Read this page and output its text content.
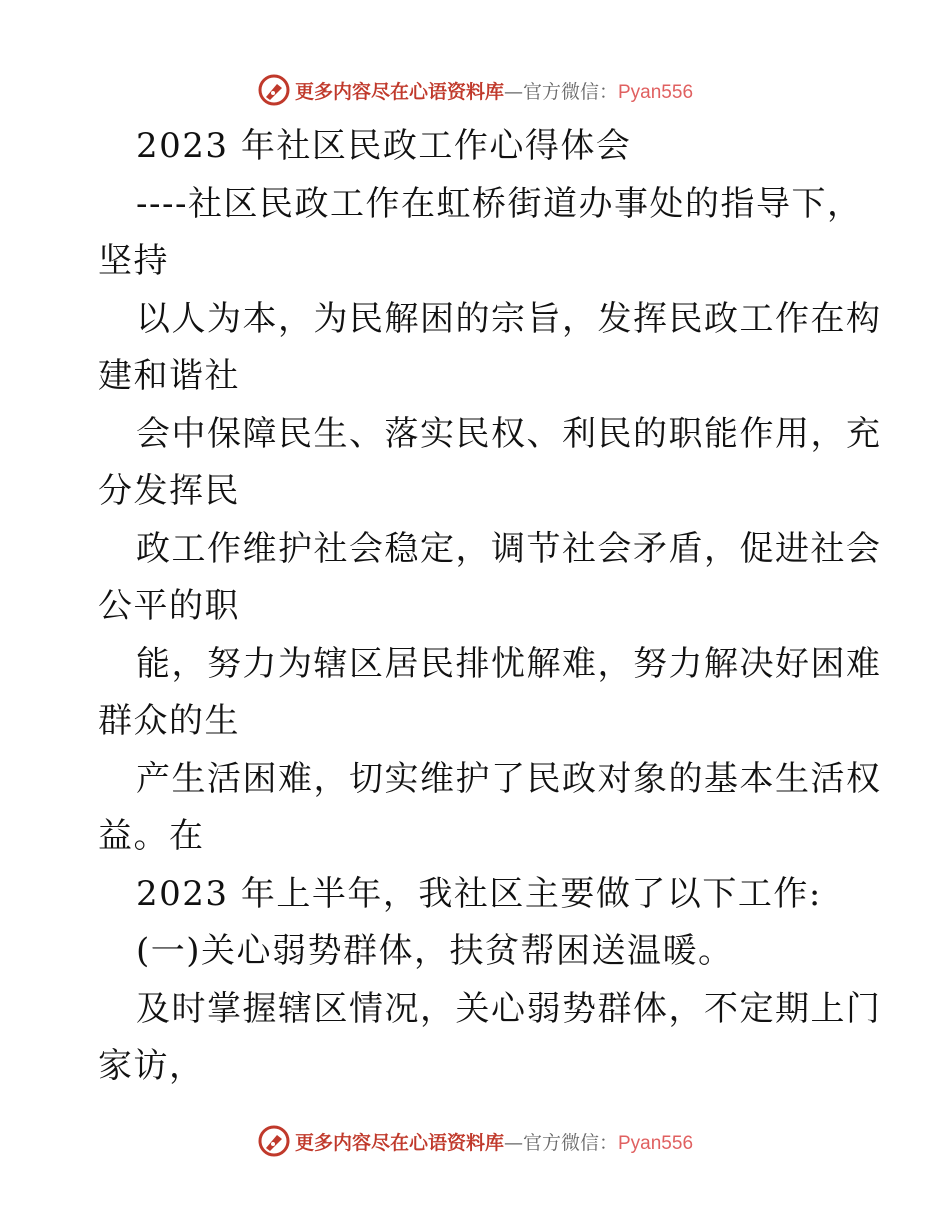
更多内容尽在心语资料库—官方微信：Pyan556
2023 年社区民政工作心得体会
----社区民政工作在虹桥街道办事处的指导下，
坚持
以人为本，为民解困的宗旨，发挥民政工作在构
建和谐社
会中保障民生、落实民权、利民的职能作用，充
分发挥民
政工作维护社会稳定，调节社会矛盾，促进社会
公平的职
能，努力为辖区居民排忧解难，努力解决好困难
群众的生
产生活困难，切实维护了民政对象的基本生活权
益。在
2023 年上半年，我社区主要做了以下工作:
(一)关心弱势群体，扶贫帮困送温暖。
及时掌握辖区情况，关心弱势群体，不定期上门
家访，
更多内容尽在心语资料库—官方微信：Pyan556
